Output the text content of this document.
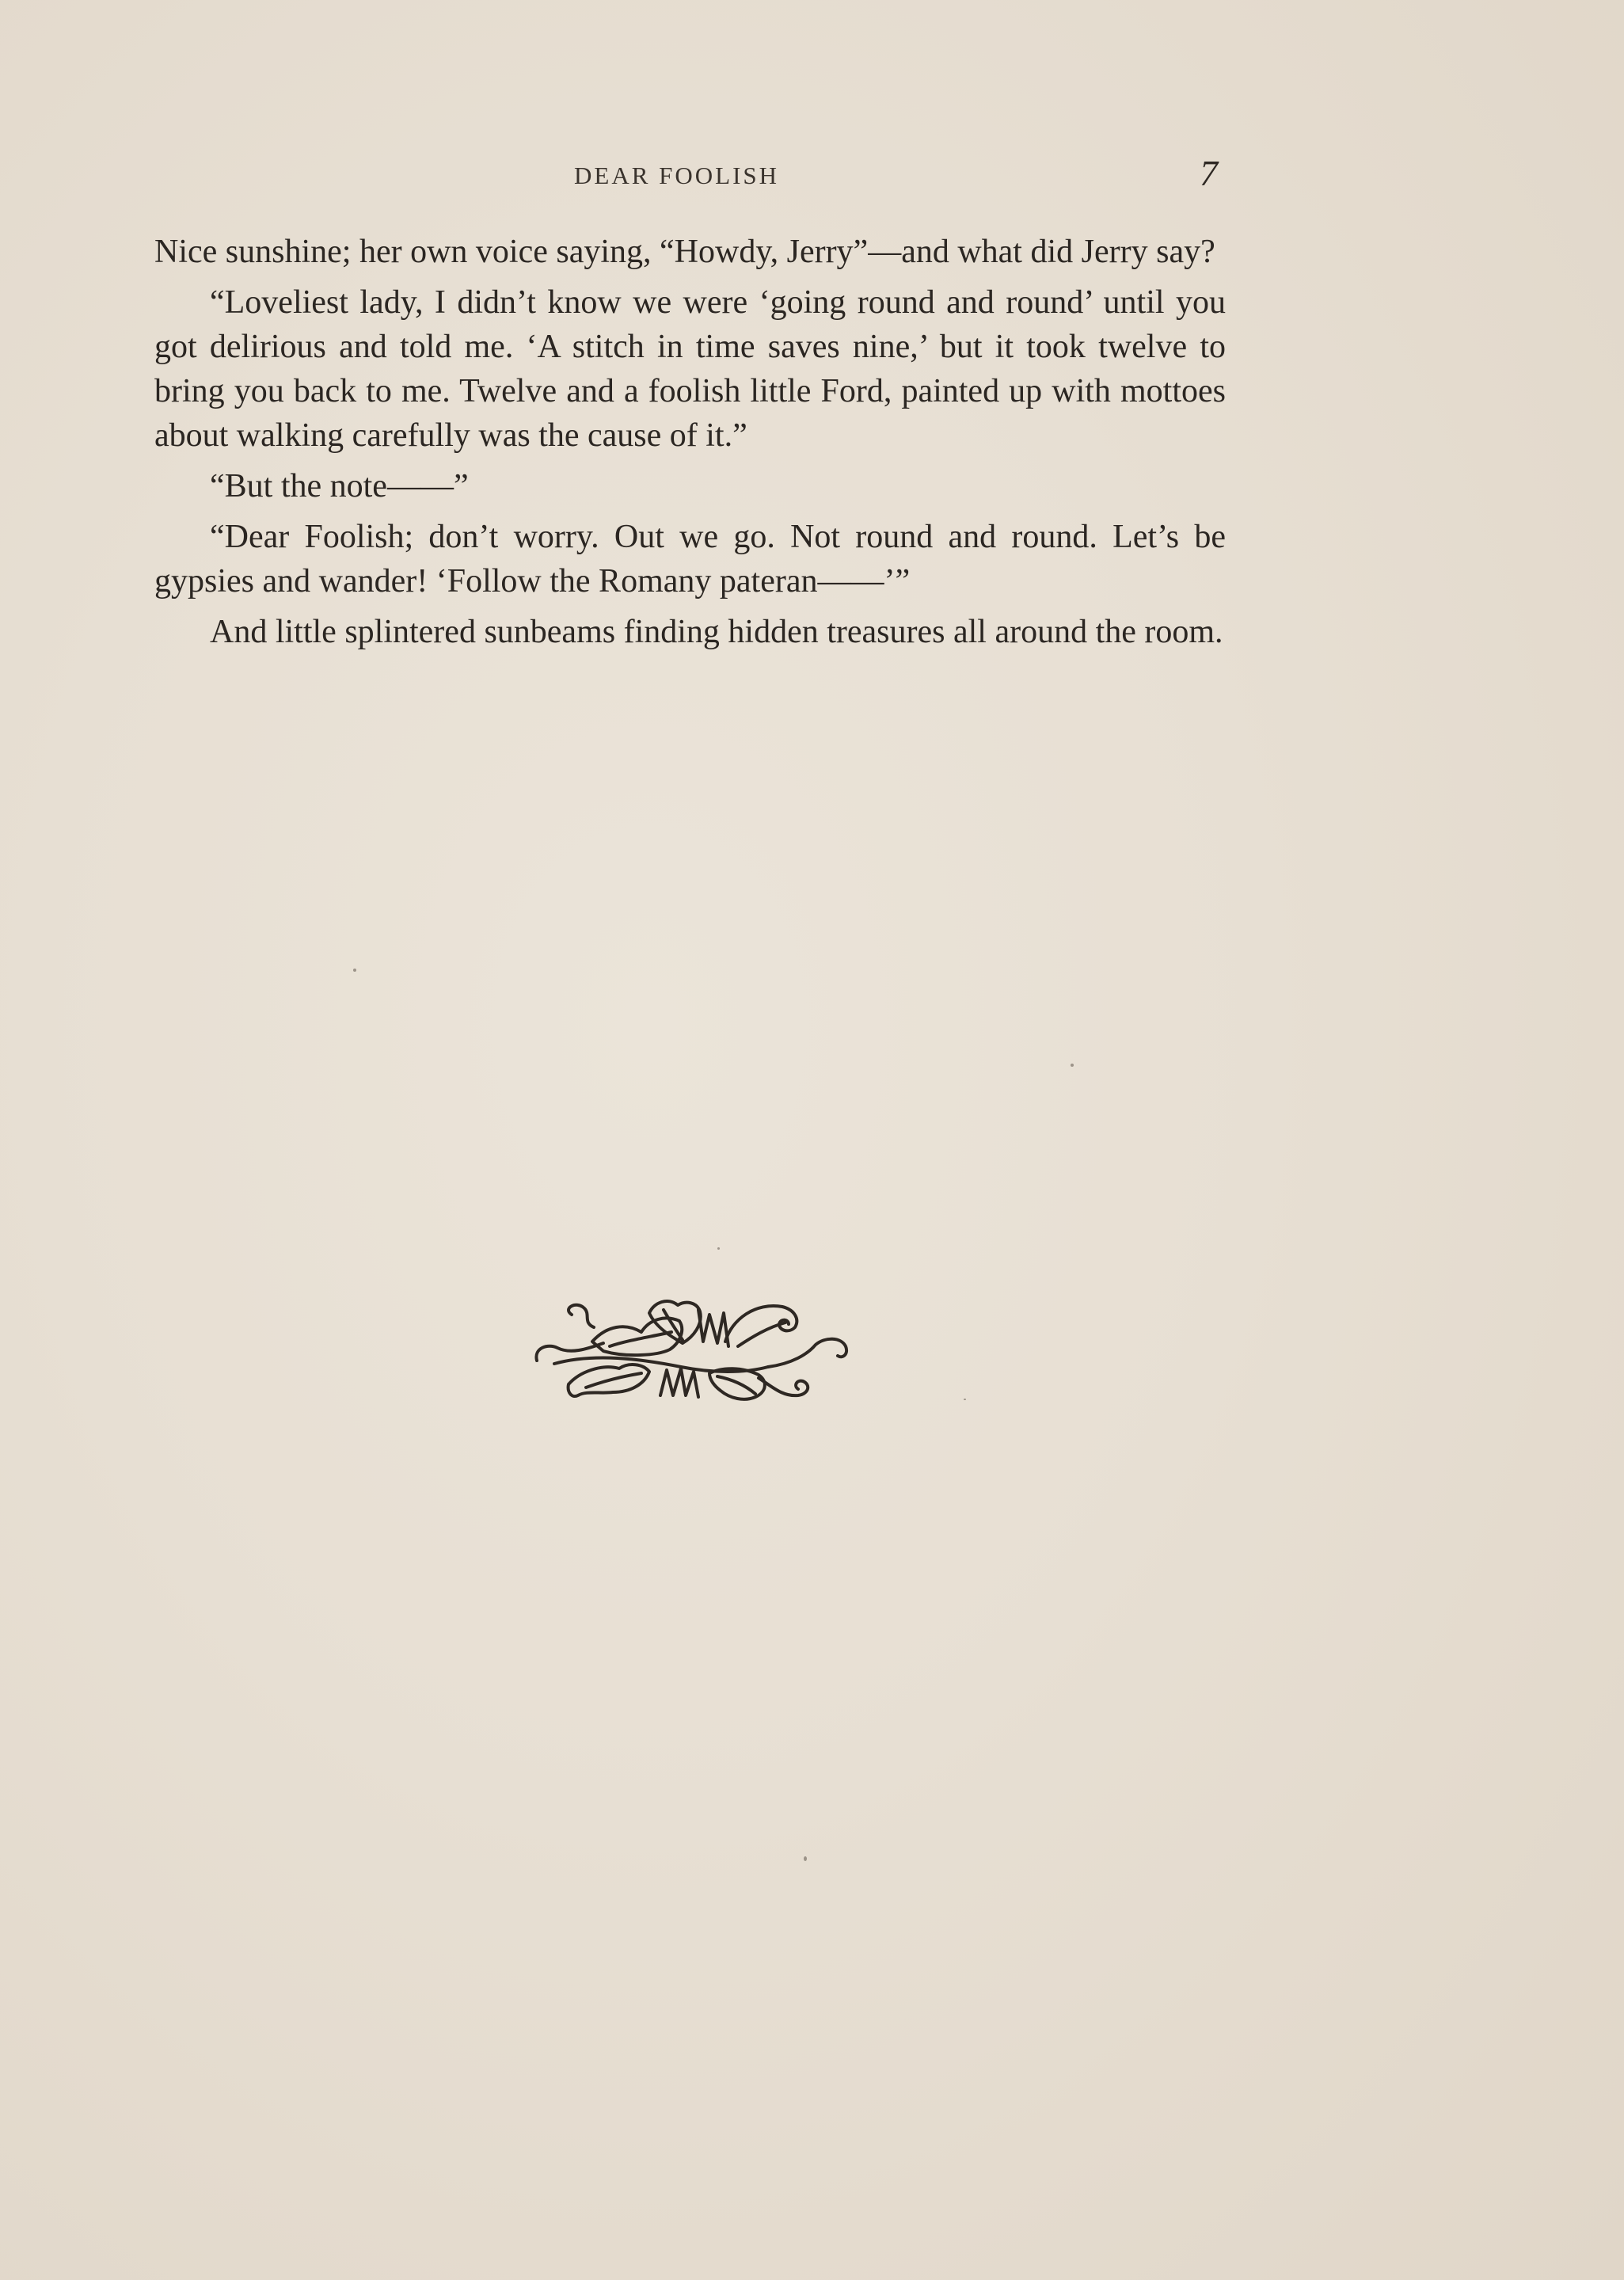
DEAR FOOLISH	7

Nice sunshine; her own voice saying, “Howdy, Jerry”—and what did Jerry say?

“Loveliest lady, I didn’t know we were ‘going round and round’ until you got delirious and told me. ‘A stitch in time saves nine,’ but it took twelve to bring you back to me. Twelve and a foolish little Ford, painted up with mottoes about walking carefully was the cause of it.”

“But the note——”

“Dear Foolish; don’t worry. Out we go. Not round and round. Let’s be gypsies and wander! ‘Follow the Romany pateran——’”

And little splintered sunbeams finding hidden treasures all around the room.
